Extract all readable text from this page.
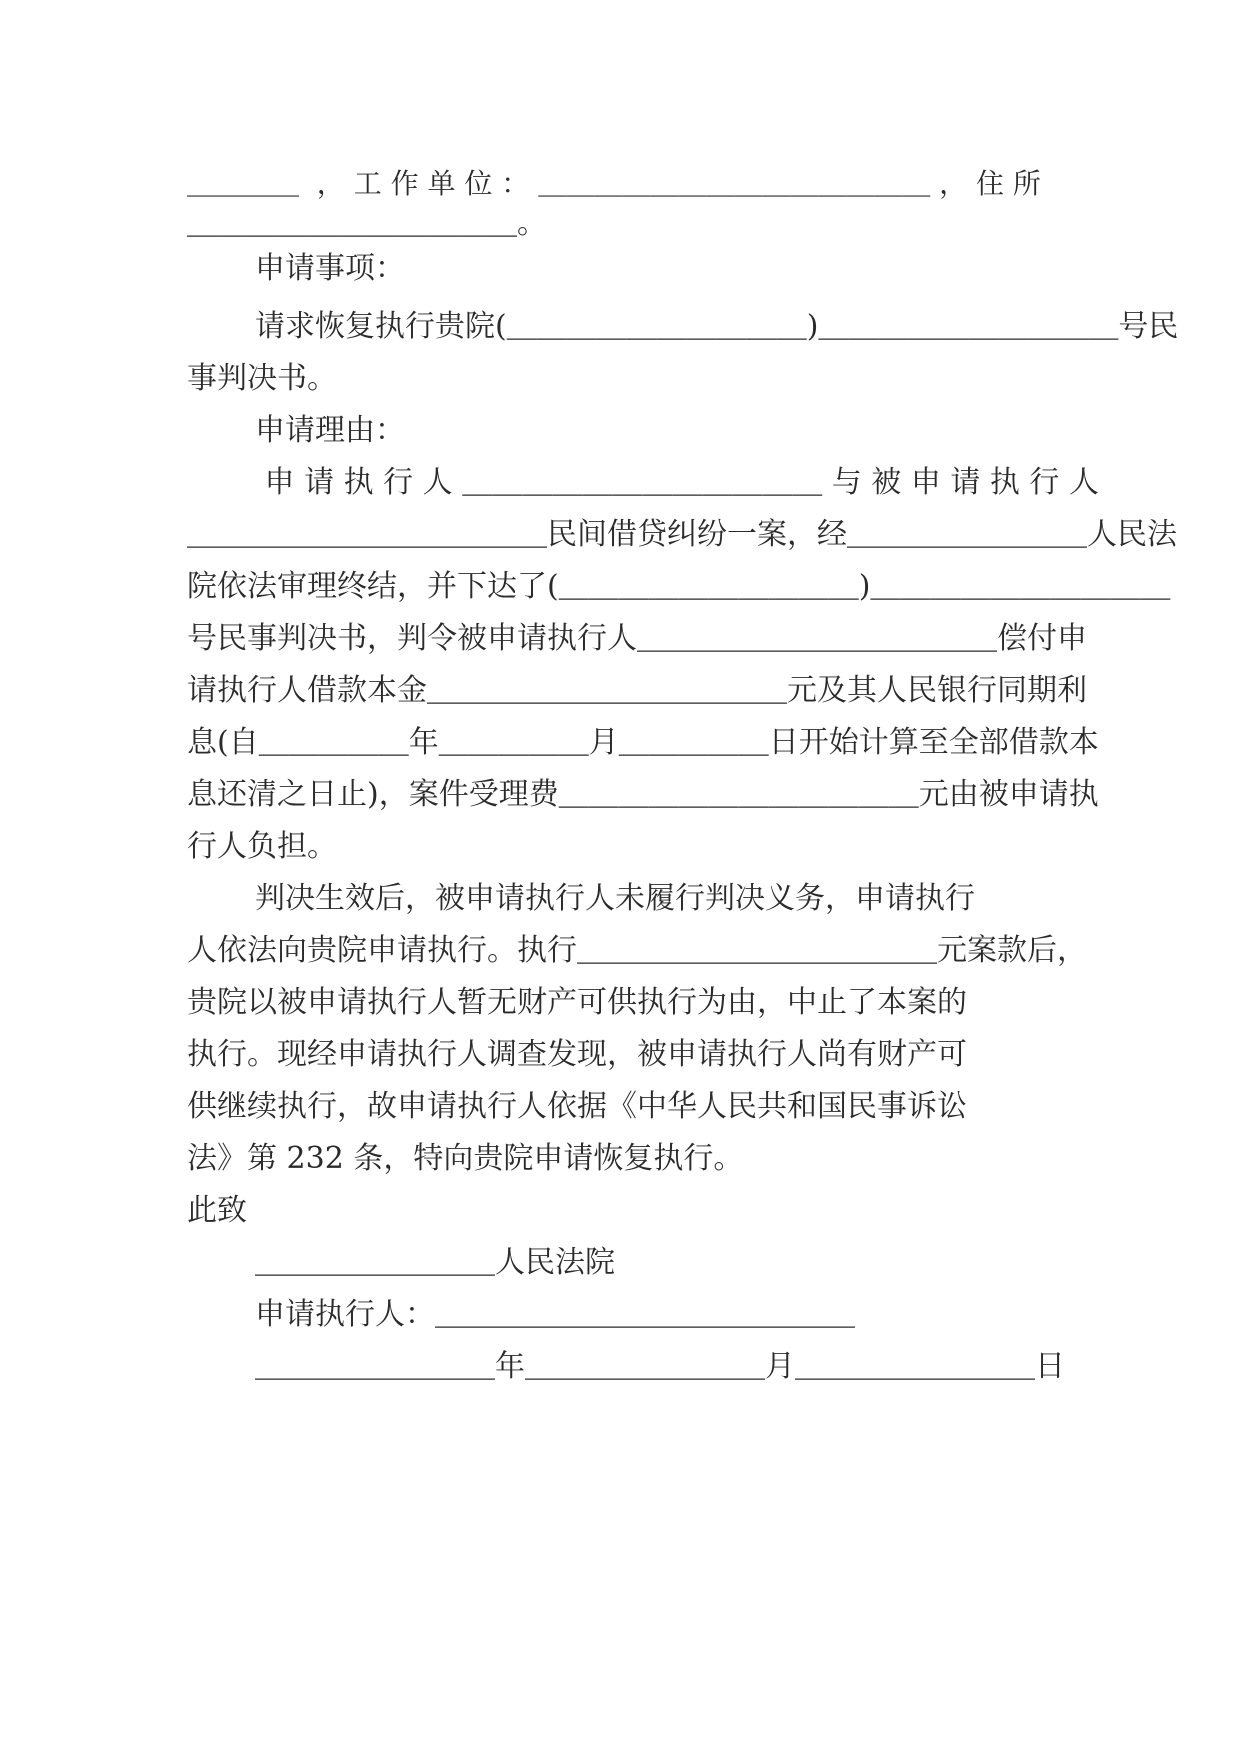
＿＿＿＿  ， 工 作 单 位 ： ＿＿＿＿＿＿＿＿＿＿＿＿＿＿ ， 住 所
＿＿＿＿＿＿＿＿＿＿＿。
申请事项：
请求恢复执行贵院(＿＿＿＿＿＿＿＿＿＿)＿＿＿＿＿＿＿＿＿＿号民
事判决书。
申请理由：
申 请 执 行 人 ＿＿＿＿＿＿＿＿＿＿＿＿ 与 被 申 请 执 行 人
＿＿＿＿＿＿＿＿＿＿＿＿民间借贷纠纷一案，经＿＿＿＿＿＿＿＿人民法
院依法审理终结，并下达了(＿＿＿＿＿＿＿＿＿＿)＿＿＿＿＿＿＿＿＿＿
号民事判决书，判令被申请执行人＿＿＿＿＿＿＿＿＿＿＿＿偿付申
请执行人借款本金＿＿＿＿＿＿＿＿＿＿＿＿元及其人民银行同期利
息(自＿＿＿＿＿年＿＿＿＿＿月＿＿＿＿＿日开始计算至全部借款本
息还清之日止)，案件受理费＿＿＿＿＿＿＿＿＿＿＿＿元由被申请执
行人负担。
判决生效后，被申请执行人未履行判决义务，申请执行
人依法向贵院申请执行。执行＿＿＿＿＿＿＿＿＿＿＿＿元案款后，
贵院以被申请执行人暂无财产可供执行为由，中止了本案的
执行。现经申请执行人调查发现，被申请执行人尚有财产可
供继续执行，故申请执行人依据《中华人民共和国民事诉讼
法》第 232 条，特向贵院申请恢复执行。
此致
＿＿＿＿＿＿＿＿人民法院
申请执行人：＿＿＿＿＿＿＿＿＿＿＿＿＿＿
＿＿＿＿＿＿＿＿年＿＿＿＿＿＿＿＿月＿＿＿＿＿＿＿＿日
